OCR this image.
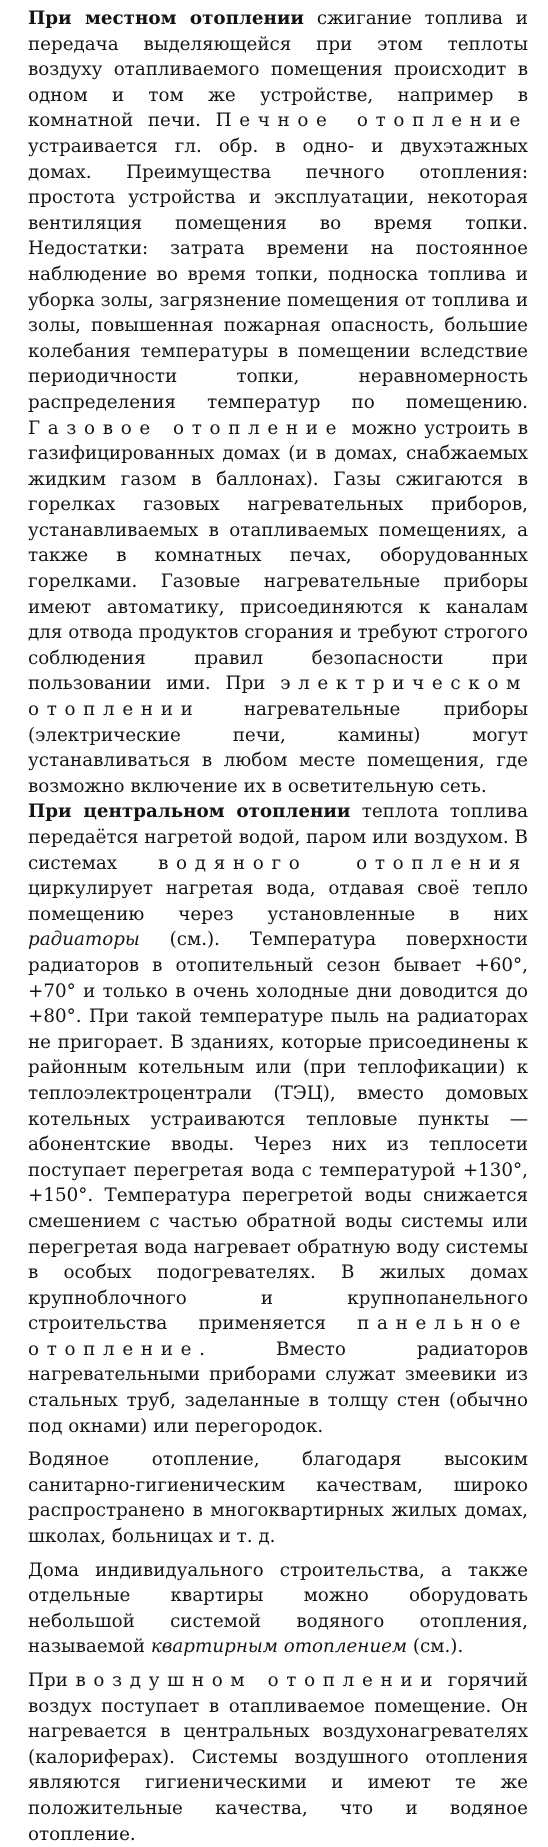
При местном отоплении сжигание топлива и передача выделяющейся при этом теплоты воздуху отапливаемого помещения происходит в одном и том же устройстве, например в комнатной печи. Печное отопление устраивается гл. обр. в одно- и двухэтажных домах. Преимущества печного отопления: простота устройства и эксплуатации, некоторая вентиляция помещения во время топки. Недостатки: затрата времени на постоянное наблюдение во время топки, подноска топлива и уборка золы, загрязнение помещения от топлива и золы, повышенная пожарная опасность, большие колебания температуры в помещении вследствие периодичности топки, неравномерность распределения температур по помещению. Газовое отопление можно устроить в газифицированных домах (и в домах, снабжаемых жидким газом в баллонах). Газы сжигаются в горелках газовых нагревательных приборов, устанавливаемых в отапливаемых помещениях, а также в комнатных печах, оборудованных горелками. Газовые нагревательные приборы имеют автоматику, присоединяются к каналам для отвода продуктов сгорания и требуют строгого соблюдения правил безопасности при пользовании ими. При электрическом отоплении нагревательные приборы (электрические печи, камины) могут устанавливаться в любом месте помещения, где возможно включение их в осветительную сеть.

При центральном отоплении теплота топлива передаётся нагретой водой, паром или воздухом. В системах водяного отопления циркулирует нагретая вода, отдавая своё тепло помещению через установленные в них радиаторы (см.). Температура поверхности радиаторов в отопительный сезон бывает +60°, +70° и только в очень холодные дни доводится до +80°. При такой температуре пыль на радиаторах не пригорает. В зданиях, которые присоединены к районным котельным или (при теплофикации) к теплоэлектроцентрали (ТЭЦ), вместо домовых котельных устраиваются тепловые пункты — абонентские вводы. Через них из теплосети поступает перегретая вода с температурой +130°, +150°. Температура перегретой воды снижается смешением с частью обратной воды системы или перегретая вода нагревает обратную воду системы в особых подогревателях. В жилых домах крупноблочного и крупнопанельного строительства применяется панельное отопление. Вместо радиаторов нагревательными приборами служат змеевики из стальных труб, заделанные в толщу стен (обычно под окнами) или перегородок.

Водяное отопление, благодаря высоким санитарно-гигиеническим качествам, широко распространено в многоквартирных жилых домах, школах, больницах и т. д.

Дома индивидуального строительства, а также отдельные квартиры можно оборудовать небольшой системой водяного отопления, называемой квартирным отоплением (см.).

При воздушном отоплении горячий воздух поступает в отапливаемое помещение. Он нагревается в центральных воздухонагревателях (калориферах). Системы воздушного отопления являются гигиеническими и имеют те же положительные качества, что и водяное отопление.
